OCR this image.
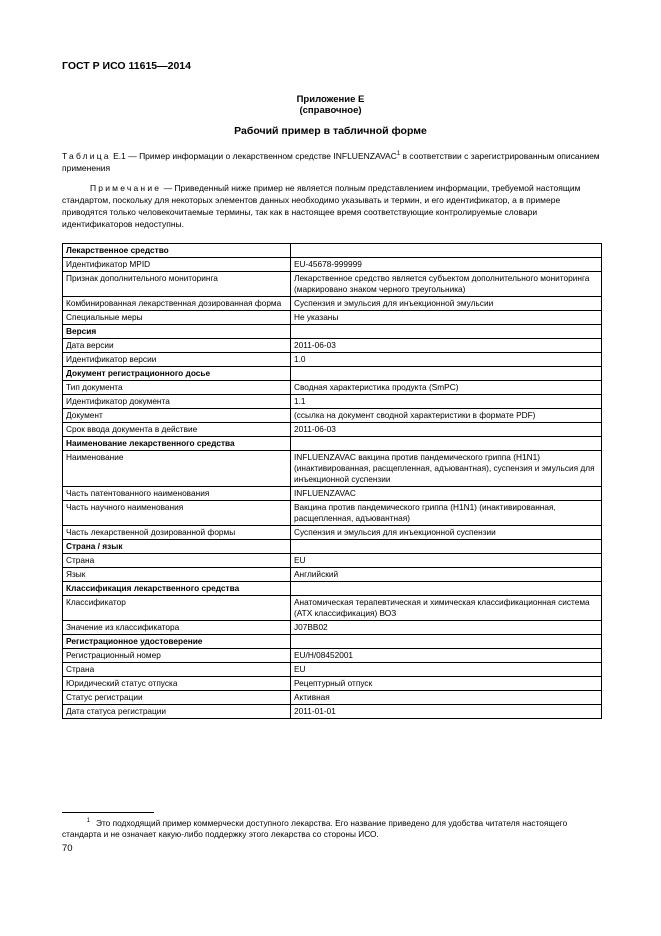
ГОСТ Р ИСО 11615—2014
Приложение Е
(справочное)
Рабочий пример в табличной форме
Таблица Е.1 — Пример информации о лекарственном средстве INFLUENZAVAC$^1$ в соответствии с зарегистрированным описанием применения
Примечание — Приведенный ниже пример не является полным представлением информации, требуемой настоящим стандартом, поскольку для некоторых элементов данных необходимо указывать и термин, и его идентификатор, а в примере приводятся только человекочитаемые термины, так как в настоящее время соответствующие контролируемые словари идентификаторов недоступны.
Лекарственное средство	
Идентификатор MPID	EU-45678-999999
Признак дополнительного мониторинга	Лекарственное средство является субъектом дополнительного мониторинга (маркировано знаком черного треугольника)
Комбинированная лекарственная дозированная форма	Суспензия и эмульсия для инъекционной эмульсии
Специальные меры	Не указаны
Версия	
Дата версии	2011-06-03
Идентификатор версии	1.0
Документ регистрационного досье	
Тип документа	Сводная характеристика продукта (SmPC)
Идентификатор документа	1.1
Документ	(ссылка на документ сводной характеристики в формате PDF)
Срок ввода документа в действие	2011-06-03
Наименование лекарственного средства	
Наименование	INFLUENZAVAC вакцина против пандемического гриппа (H1N1) (инактивированная, расщепленная, адъювантная), суспензия и эмульсия для инъекционной суспензии
Часть патентованного наименования	INFLUENZAVAC
Часть научного наименования	Вакцина против пандемического гриппа (H1N1) (инактивированная, расщепленная, адъювантная)
Часть лекарственной дозированной формы	Суспензия и эмульсия для инъекционной суспензии
Страна / язык	
Страна	EU
Язык	Английский
Классификация лекарственного средства	
Классификатор	Анатомическая терапевтическая и химическая классификационная система (ATX классификация) ВОЗ
Значение из классификатора	J07BB02
Регистрационное удостоверение	
Регистрационный номер	EU/H/08452001
Страна	EU
Юридический статус отпуска	Рецептурный отпуск
Статус регистрации	Активная
Дата статуса регистрации	2011-01-01
$^1$ Это подходящий пример коммерчески доступного лекарства. Его название приведено для удобства читателя настоящего стандарта и не означает какую-либо поддержку этого лекарства со стороны ИСО.
70
